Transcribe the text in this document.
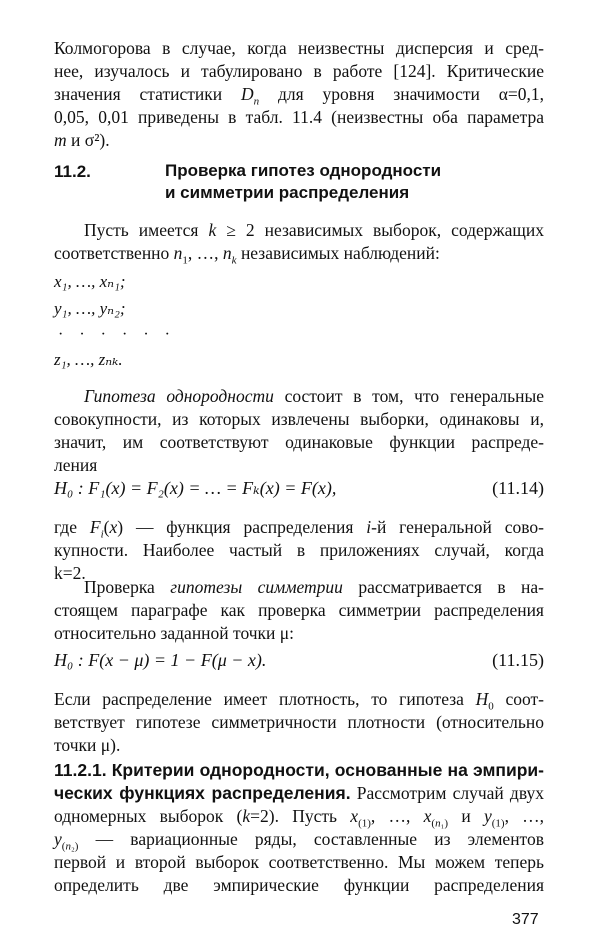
Колмогорова в случае, когда неизвестны дисперсия и сред-
нее, изучалось и табулировано в работе [124]. Критические
значения статистики $D_n$ для уровня значимости α=0,1,
0,05, 0,01 приведены в табл. 11.4 (неизвестны оба параметра
m и σ²).
11.2.	Проверка гипотез однородности
и симметрии распределения
Пусть имеется k ≥ 2 независимых выборок, содержащих
соответственно $n_1$, …, $n_k$ независимых наблюдений:
x₁, …, xₙ₁;
y₁, …, yₙ₂;
· · · · · ·
z₁, …, zₙₖ.
Гипотеза однородности состоит в том, что генеральные
совокупности, из которых извлечены выборки, одинаковы и,
значит, им соответствуют одинаковые функции распреде-
ления
H₀ : F₁(x) = F₂(x) = … = Fₖ(x) = F(x),	(11.14)
где $F_i(x)$ — функция распределения i-й генеральной сово-
купности. Наиболее частый в приложениях случай, когда
k=2.
Проверка гипотезы симметрии рассматривается в на-
стоящем параграфе как проверка симметрии распределения
относительно заданной точки μ:
H₀ : F(x − μ) = 1 − F(μ − x).	(11.15)
Если распределение имеет плотность, то гипотеза $H_0$ соот-
ветствует гипотезе симметричности плотности (относительно
точки μ).
11.2.1. Критерии однородности, основанные на эмпири-
ческих функциях распределения. Рассмотрим случай двух
одномерных выборок (k=2). Пусть $x_{(1)}$, …, $x_{(n_1)}$ и $y_{(1)}$, …,
$y_{(n_2)}$ — вариационные ряды, составленные из элементов
первой и второй выборок соответственно. Мы можем теперь
определить две эмпирические функции распределения
377
